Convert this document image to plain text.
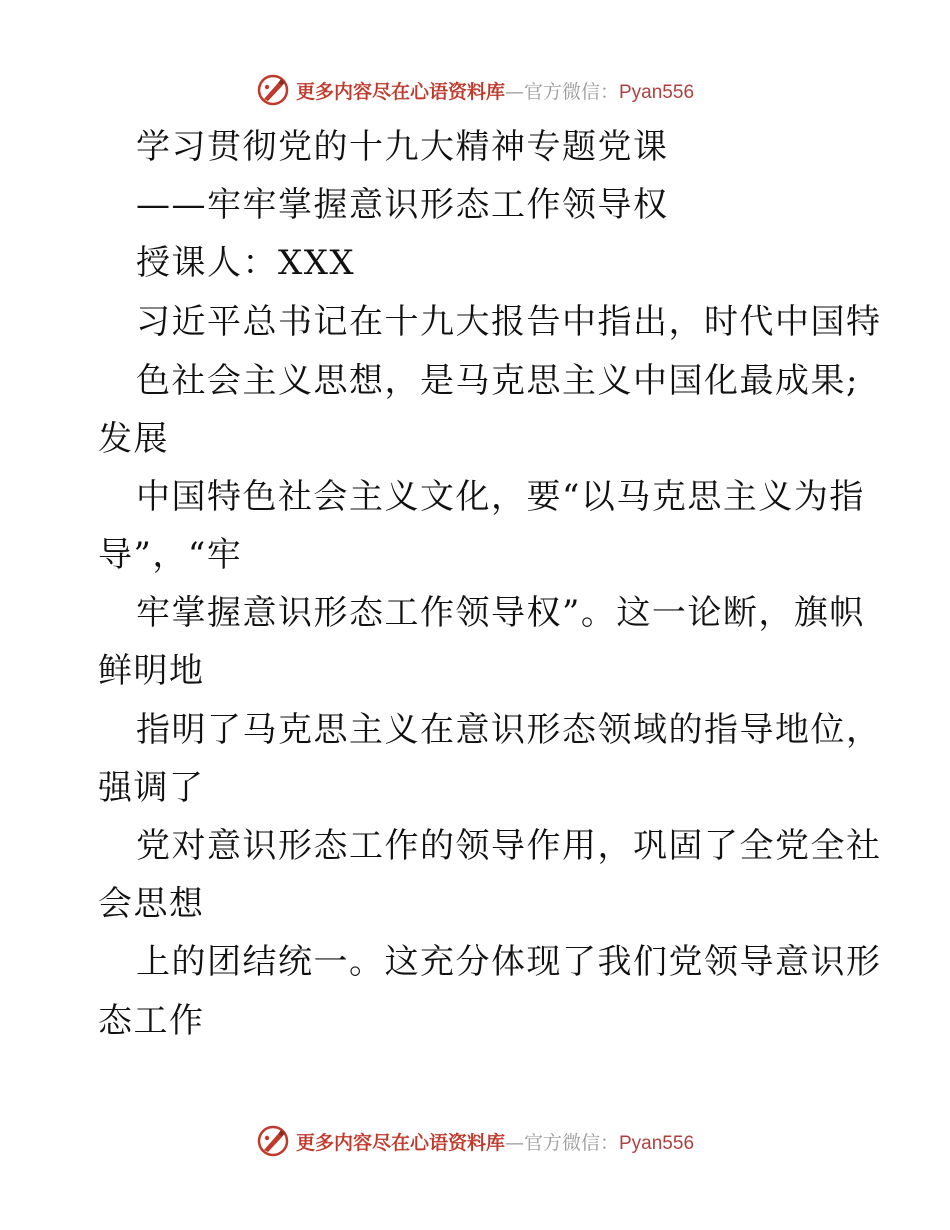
更多内容尽在心语资料库—官方微信：Pyan556
学习贯彻党的十九大精神专题党课
——牢牢掌握意识形态工作领导权
授课人：XXX
习近平总书记在十九大报告中指出，时代中国特
色社会主义思想，是马克思主义中国化最成果;
发展
中国特色社会主义文化，要“以马克思主义为指
导”，“牢
牢掌握意识形态工作领导权”。这一论断，旗帜
鲜明地
指明了马克思主义在意识形态领域的指导地位，
强调了
党对意识形态工作的领导作用，巩固了全党全社
会思想
上的团结统一。这充分体现了我们党领导意识形
态工作
更多内容尽在心语资料库—官方微信：Pyan556
